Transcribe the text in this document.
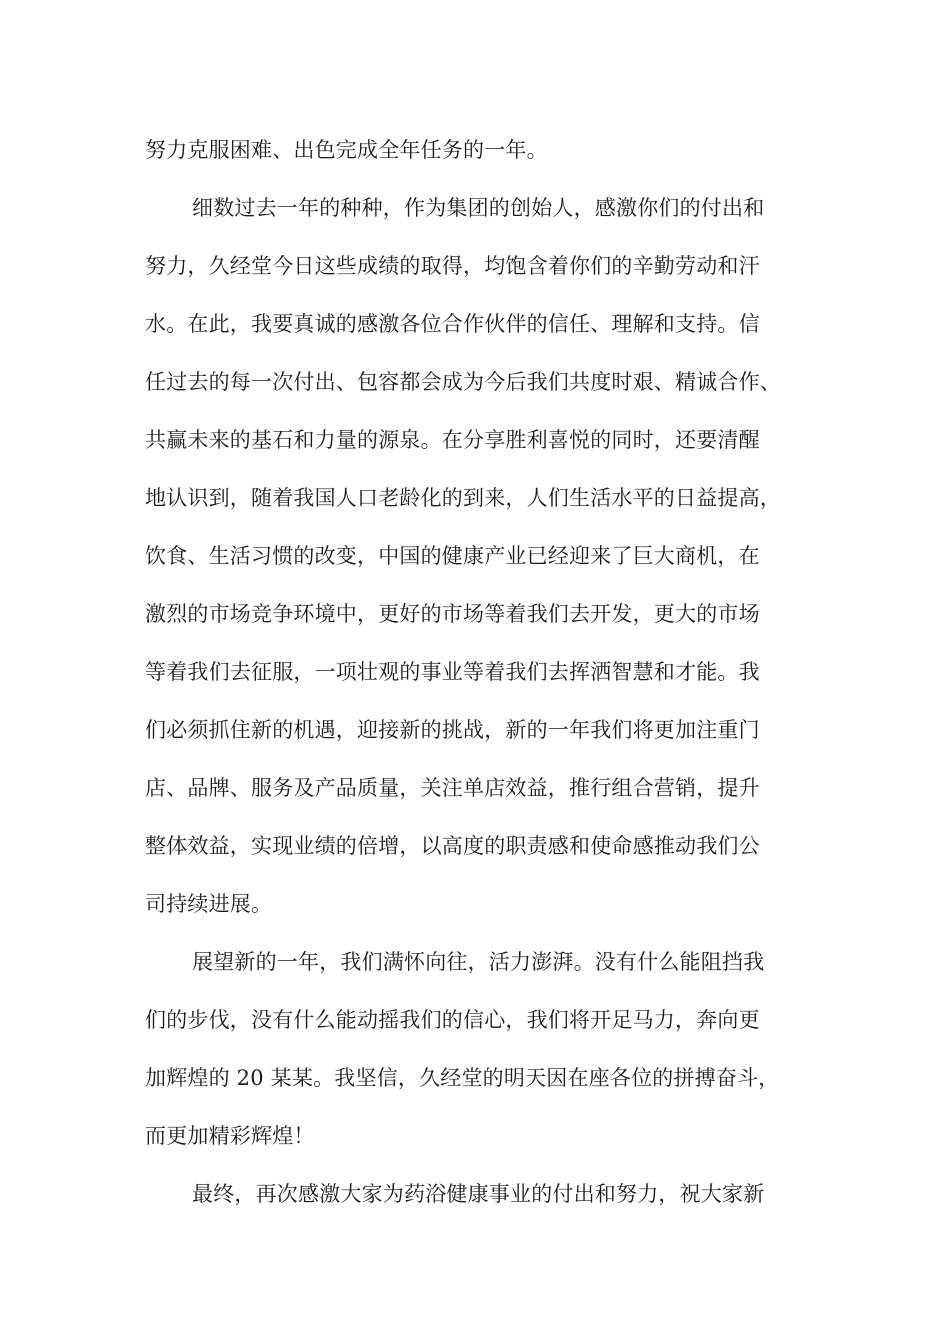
努力克服困难、出色完成全年任务的一年。
细数过去一年的种种，作为集团的创始人，感激你们的付出和
努力，久经堂今日这些成绩的取得，均饱含着你们的辛勤劳动和汗
水。在此，我要真诚的感激各位合作伙伴的信任、理解和支持。信
任过去的每一次付出、包容都会成为今后我们共度时艰、精诚合作、
共赢未来的基石和力量的源泉。在分享胜利喜悦的同时，还要清醒
地认识到，随着我国人口老龄化的到来，人们生活水平的日益提高，
饮食、生活习惯的改变，中国的健康产业已经迎来了巨大商机，在
激烈的市场竞争环境中，更好的市场等着我们去开发，更大的市场
等着我们去征服，一项壮观的事业等着我们去挥洒智慧和才能。我
们必须抓住新的机遇，迎接新的挑战，新的一年我们将更加注重门
店、品牌、服务及产品质量，关注单店效益，推行组合营销，提升
整体效益，实现业绩的倍增，以高度的职责感和使命感推动我们公
司持续进展。
展望新的一年，我们满怀向往，活力澎湃。没有什么能阻挡我
们的步伐，没有什么能动摇我们的信心，我们将开足马力，奔向更
加辉煌的 20 某某。我坚信，久经堂的明天因在座各位的拼搏奋斗，
而更加精彩辉煌！
最终，再次感激大家为药浴健康事业的付出和努力，祝大家新
